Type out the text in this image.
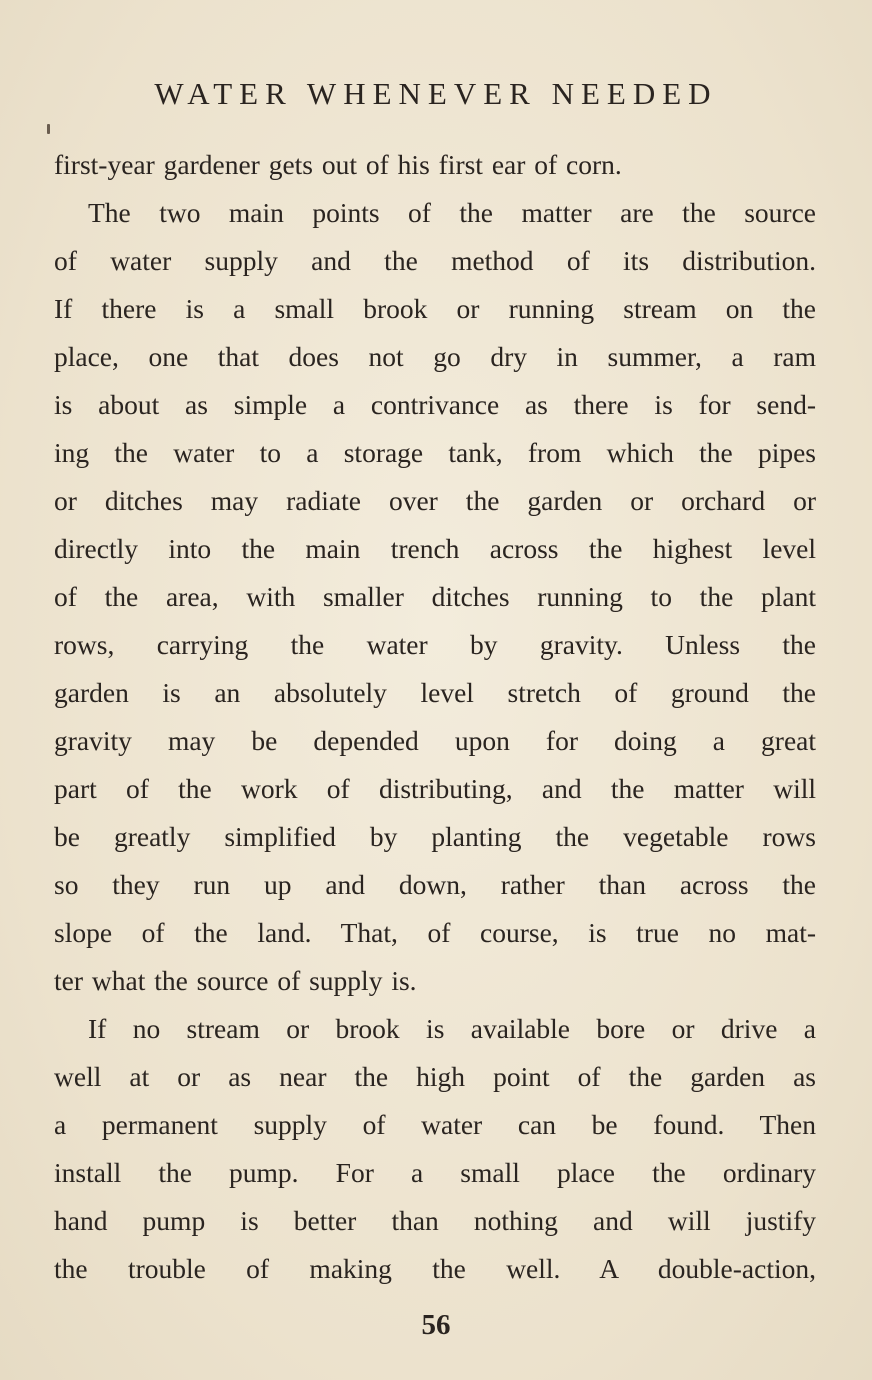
WATER WHENEVER NEEDED
first-year gardener gets out of his first ear of corn.
The two main points of the matter are the source
of water supply and the method of its distribution.
If there is a small brook or running stream on the
place, one that does not go dry in summer, a ram
is about as simple a contrivance as there is for send-
ing the water to a storage tank, from which the pipes
or ditches may radiate over the garden or orchard or
directly into the main trench across the highest level
of the area, with smaller ditches running to the plant
rows, carrying the water by gravity. Unless the
garden is an absolutely level stretch of ground the
gravity may be depended upon for doing a great
part of the work of distributing, and the matter will
be greatly simplified by planting the vegetable rows
so they run up and down, rather than across the
slope of the land. That, of course, is true no mat-
ter what the source of supply is.
If no stream or brook is available bore or drive a
well at or as near the high point of the garden as
a permanent supply of water can be found. Then
install the pump. For a small place the ordinary
hand pump is better than nothing and will justify
the trouble of making the well. A double-action,
56
